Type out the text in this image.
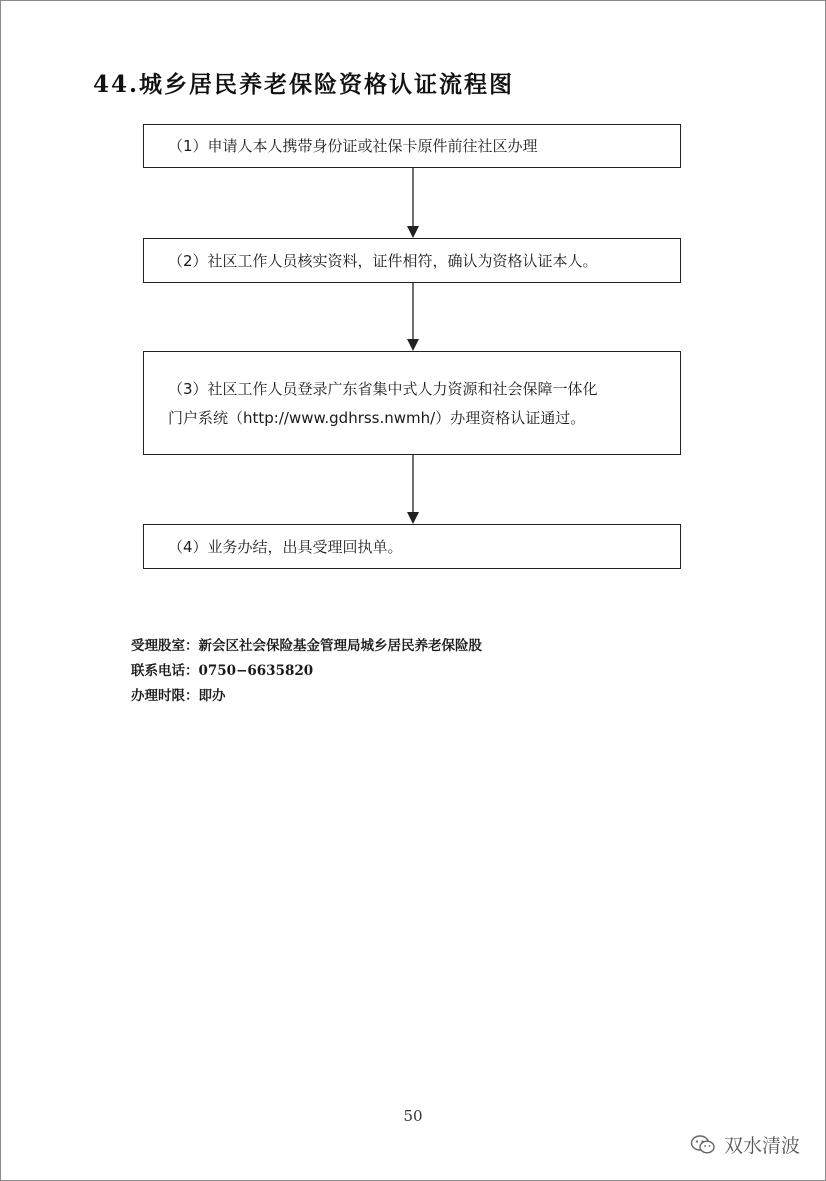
44.城乡居民养老保险资格认证流程图
（1）申请人本人携带身份证或社保卡原件前往社区办理
（2）社区工作人员核实资料，证件相符，确认为资格认证本人。
（3）社区工作人员登录广东省集中式人力资源和社会保障一体化
门户系统（http://www.gdhrss.nwmh/）办理资格认证通过。
（4）业务办结，出具受理回执单。
受理股室：新会区社会保险基金管理局城乡居民养老保险股
联系电话：0750−6635820
办理时限：即办
50
双水清波
